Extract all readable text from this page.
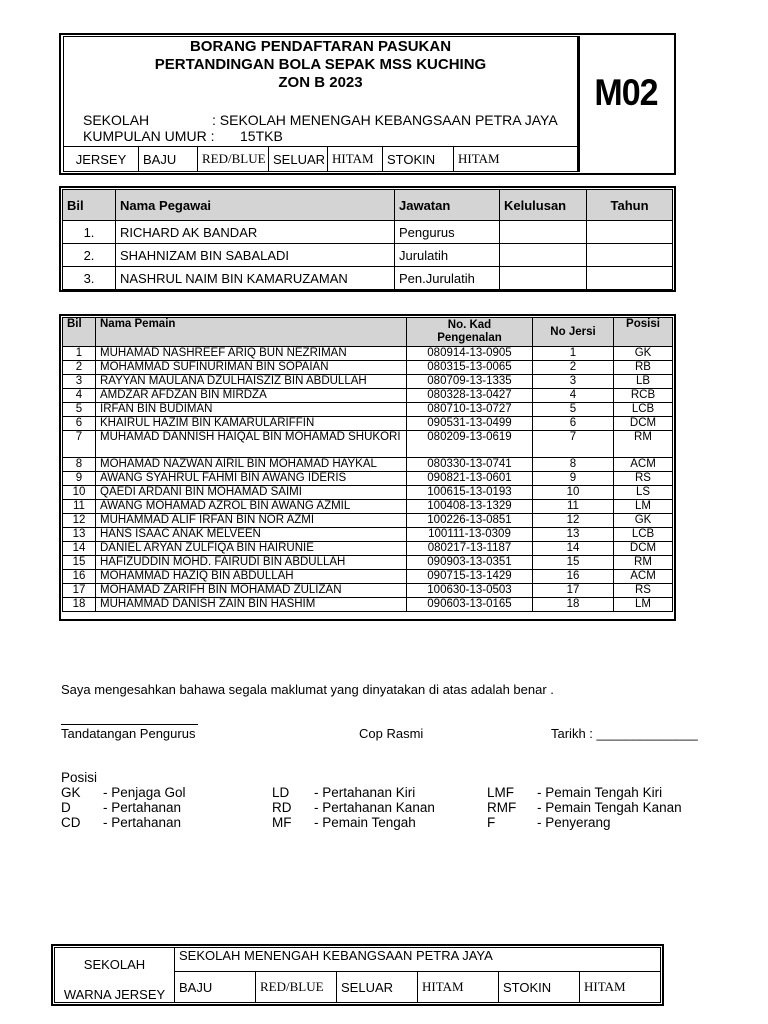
BORANG PENDAFTARAN PASUKAN
PERTANDINGAN BOLA SEPAK MSS KUCHING
ZON B 2023	M02
SEKOLAH	: SEKOLAH MENENGAH KEBANGSAAN PETRA JAYA
KUMPULAN UMUR : 15TKB
JERSEY	BAJU	RED/BLUE	SELUAR	HITAM	STOKIN	HITAM
Bil	Nama Pegawai	Jawatan	Kelulusan	Tahun
1.	RICHARD AK BANDAR	Pengurus		
2.	SHAHNIZAM BIN SABALADI	Jurulatih		
3.	NASHRUL NAIM BIN KAMARUZAMAN	Pen.Jurulatih		
Bil	Nama Pemain	No. Kad Pengenalan	No Jersi	Posisi
1	MUHAMAD NASHREEF ARIQ BUN NEZRIMAN	080914-13-0905	1	GK
2	MOHAMMAD SUFINURIMAN BIN SOPAIAN	080315-13-0065	2	RB
3	RAYYAN MAULANA DZULHAISZIZ BIN ABDULLAH	080709-13-1335	3	LB
4	AMDZAR AFDZAN BIN MIRDZA	080328-13-0427	4	RCB
5	IRFAN BIN BUDIMAN	080710-13-0727	5	LCB
6	KHAIRUL HAZIM BIN KAMARULARIFFIN	090531-13-0499	6	DCM
7	MUHAMAD DANNISH HAIQAL BIN MOHAMAD SHUKORI	080209-13-0619	7	RM
8	MOHAMAD NAZWAN AIRIL BIN MOHAMAD HAYKAL	080330-13-0741	8	ACM
9	AWANG SYAHRUL FAHMI BIN AWANG IDERIS	090821-13-0601	9	RS
10	QAEDI ARDANI BIN MOHAMAD SAIMI	100615-13-0193	10	LS
11	AWANG MOHAMAD AZROL BIN AWANG AZMIL	100408-13-1329	11	LM
12	MUHAMMAD ALIF IRFAN BIN NOR AZMI	100226-13-0851	12	GK
13	HANS ISAAC ANAK MELVEEN	100111-13-0309	13	LCB
14	DANIEL ARYAN ZULFIQA BIN HAIRUNIE	080217-13-1187	14	DCM
15	HAFIZUDDIN MOHD. FAIRUDI BIN ABDULLAH	090903-13-0351	15	RM
16	MOHAMMAD HAZIQ BIN ABDULLAH	090715-13-1429	16	ACM
17	MOHAMAD ZARIFH BIN MOHAMAD ZULIZAN	100630-13-0503	17	RS
18	MUHAMMAD DANISH ZAIN BIN HASHIM	090603-13-0165	18	LM
Saya mengesahkan bahawa segala maklumat yang dinyatakan di atas adalah benar .
Tandatangan Pengurus	Cop Rasmi	Tarikh : ______________
Posisi
GK - Penjaga Gol
D - Pertahanan
CD - Pertahanan
LD - Pertahanan Kiri
RD - Pertahanan Kanan
MF - Pemain Tengah
LMF - Pemain Tengah Kiri
RMF - Pemain Tengah Kanan
F	- Penyerang
SEKOLAH	SEKOLAH MENENGAH KEBANGSAAN PETRA JAYA					
WARNA JERSEY	BAJU	RED/BLUE	SELUAR	HITAM	STOKIN	HITAM
